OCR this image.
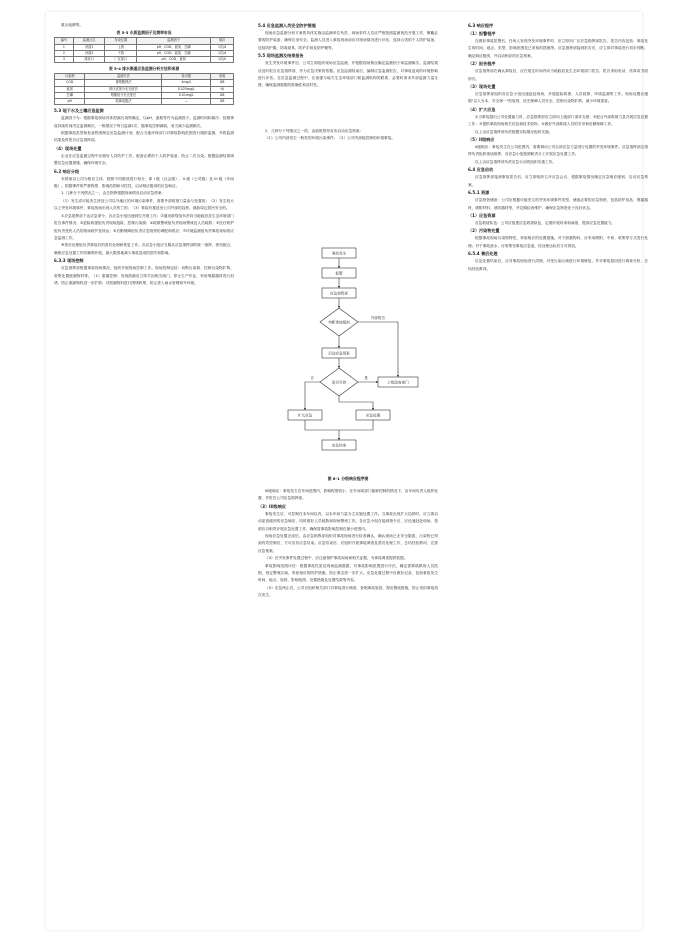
重点池塘等。

表 5-3 水质监测因子及频率布设

编号	监测点位	布设位置	监测因子	频次
1	河道1	上游	pH、COD、氨氮、总磷	1次/d
2	河道2	下游	pH、COD、氨氮、总磷	1次/d
3	排放口	厂区排口	pH、COD、氨氮	1次/h

表 5-4 排水渠道应急监测分析方法和来源

污染物	监测方法	检出限	来源
COD	重铬酸钾法	4mg/L	GB
氨氮	纳氏试剂分光光度法	0.025mg/L	HJ
总磷	钼酸铵分光光度法	0.01mg/L	GB
pH	玻璃电极法	—	GB

5.3 地下水及土壤应急监测

监测因子为：根据事故现场具体泄漏污染物确定，以pH、氨氮等作为监测因子。监测时间和频次：按照事故持续时间决定监测频次，一般情况下每日监测1次，随事故控制减弱，适当减少监测频次。

根据事故类型和危害程度制定应急监测计划，配合当地环保部门对事故影响范围进行跟踪监测，并将监测结果及时报告应急指挥部。

（4）现场处置

企业在应急监测过程中应做好人员防护工作，配备必要的个人防护装备，防止二次污染。根据监测结果调整应急处置措施，确保环境安全。

6.2 响应分级

本预案以公司为相应主体，按照不同级别进行划分，即 I 级（社会级）、II 级（公司级）及 III 级（车间级）。根据事件的严重程度、影响范围和可控性，启动相应级别的应急响应。

1. 几种分下列情况之一，由总指挥根据现场情况启动应急预案：

（1）发生或可能发生涉及公司以外地区的环境污染事件，需要外部救援力量参与处置的；（2）发生较大以上突发环境事件，事故现场出现人员伤亡的；（3）事故有蔓延至公司外部的趋势，威胁周边居民安全的。

①应急指挥部下达应急命令，各应急小组迅速到位开展工作；②通讯联络组负责向当地政府及生态环境部门报告事件情况；③抢险救援组负责现场抢险，控制污染源；④疏散警戒组负责现场警戒及人员疏散；⑤医疗救护组负责受伤人员的现场救护及转运；⑥后勤保障组负责应急物资的调配和供应；⑦环境监测组负责事故现场的应急监测工作。

⑧善后处理组负责事故后的善后处理和恢复工作。各应急小组应当服从应急指挥部的统一指挥，密切配合，确保应急处置工作的顺利开展，最大限度地减少事故造成的损失和影响。

6.3.3 现场控制

应急指挥部根据事故现场情况，组织开展现场控制工作。现场控制包括：切断污染源、控制污染物扩散、收集处置泄漏物料等。（1）泄漏控制：发现泄漏后立即关闭相关阀门，停止生产作业，采用堵漏器材进行封堵，防止泄漏物料进一步扩散；对泄漏物料进行围堵收集，防止进入雨水管网和外环境。

5.4 应急监测人员安全防护措施

现场应急监测分析方案的具体实施由监测单位负责，现场采样人员应严格按照监测规范开展工作，佩戴必要的防护装备，确保自身安全。监测人员进入事故现场前应对现场情况进行评估，选择合适的个人防护装备，包括防护服、防毒面具、防护手套及防护靴等。

5.5 现场监测及结果报告

发生突发环境事件后，公司立即组织现场应急监测，并根据现场情况确定监测因子和监测频次。监测结果应及时报告应急指挥部，作为应急决策的依据。应急监测结束后，编制应急监测报告，对事故造成的环境影响进行评估。在应急监测过程中，应加强与地方生态环境部门和监测机构的联系，必要时请求外部监测力量支援，确保监测数据的准确性和及时性。

2．几种分下列情况之一的，由值班领导宣布启动应急预案：

（1）公司内部发生一般性的环境污染事件；（2）公司内部能控制的环境事故。

事故发生
报警
应急指挥部
判断事故级别
启动应急预案
是否可控	上报政府部门
扩大应急	应急处置
应急结束
外部报告
否	是
图 6-1 分级响应程序图

III级响应：事故发生在车间范围内，影响程度较小，在车间或部门能够控制的情况下，由车间负责人组织处置，并报告公司应急指挥部。

（3）III级响应

事故发生后，可控制在本车间以内，以本车间力量为主实施处置工作。当事故出现扩大趋势时，应立即启动更高级别的应急响应，同时做好人员疏散和现场警戒工作。各应急小组在接到指令后，应迅速赶赴现场，按照各自职责开展应急处置工作，确保将事故影响控制在最小范围内。

现场应急处置完成后，由应急指挥部组织对事故现场进行检查确认，确认现场已无安全隐患、污染物已得到有效控制后，方可宣布应急结束。应急结束后，应组织开展事故调查及善后处理工作，总结经验教训，完善应急预案。

（4）在突发事件处置过程中，应注意保护事故现场和相关证据，为事故调查提供依据。

事故影响范围评估：根据事故性质及现场监测数据，对事故影响范围进行评估，确定需要疏散的人员范围，划定警戒区域，采取相应的防护措施，防止事态进一步扩大。应急处置过程中应做好记录，包括事故发生时间、地点、原因、影响范围、处置措施及处置结果等内容。

（5）应急终止后，公司应组织相关部门对事故进行调查，查明事故原因，提出整改措施，防止类似事故再次发生。

6.3 响应程序

（1）报警程序

在做好事故报警后，任何人发现突发环境事件时，应立即向厂区应急指挥部报告，报告内容包括：事故发生的时间、地点、类型、影响范围及已采取的措施等。应急指挥部接到报告后，应立即对事故进行初步判断，确定响应级别，并启动相应的应急预案。

（2）报告程序

应急指挥部在确认事故后，应在规定时间内向当地政府及生态环境部门报告，报告采取电话、传真或书面形式。

（3）现场处置

应急指挥部组织各应急小组迅速赶赴现场，开展抢险救援、人员疏散、环境监测等工作。现场处置应遵循"以人为本、安全第一"的原则，优先保障人员安全，控制污染物扩散，减少环境损害。

（4）扩大应急

①当事故超出公司处置能力时，应急指挥部应立即向上级部门请求支援；②配合外部救援力量开展应急处置工作；③提供事故现场相关信息和技术资料；④做好外部救援人员的引导和后勤保障工作。

以上由应急指挥部负责根据实际情况组织实施。

（5）II级响应

II级响应：事故发生在公司范围内，需要调动公司全部应急力量进行处置的突发环境事件。应急指挥部总指挥负责组织现场指挥，各应急小组按照职责分工开展应急处置工作。

以上由应急指挥部负责应急行动的组织实施工作。

6.4 应急启动

应急指挥部接到事故报告后，应立即组织召开应急会议，根据事故情况确定应急响应级别，启动应急预案。

6.5.1 资源

应急物资储备：公司应根据可能发生的突发环境事件类型，储备必要的应急物资，包括防护用品、堵漏器材、吸附材料、消防器材等，并定期检查维护，确保应急物资处于良好状态。

（1）应急资源

应急救援队伍：公司应组建应急救援队伍，定期开展培训和演练，提高应急处置能力。

（2）污染物处置

根据事故现场污染物特性，采取相应的处置措施。对于泄漏物料，应采用吸附、中和、收集等方式进行处理；对于事故废水，应收集至事故应急池，经处理达标后方可排放。

6.5.4 善后处理

应急处置结束后，应对事故现场进行清理，对受污染区域进行环境修复，并对事故原因进行调查分析，总结经验教训。
